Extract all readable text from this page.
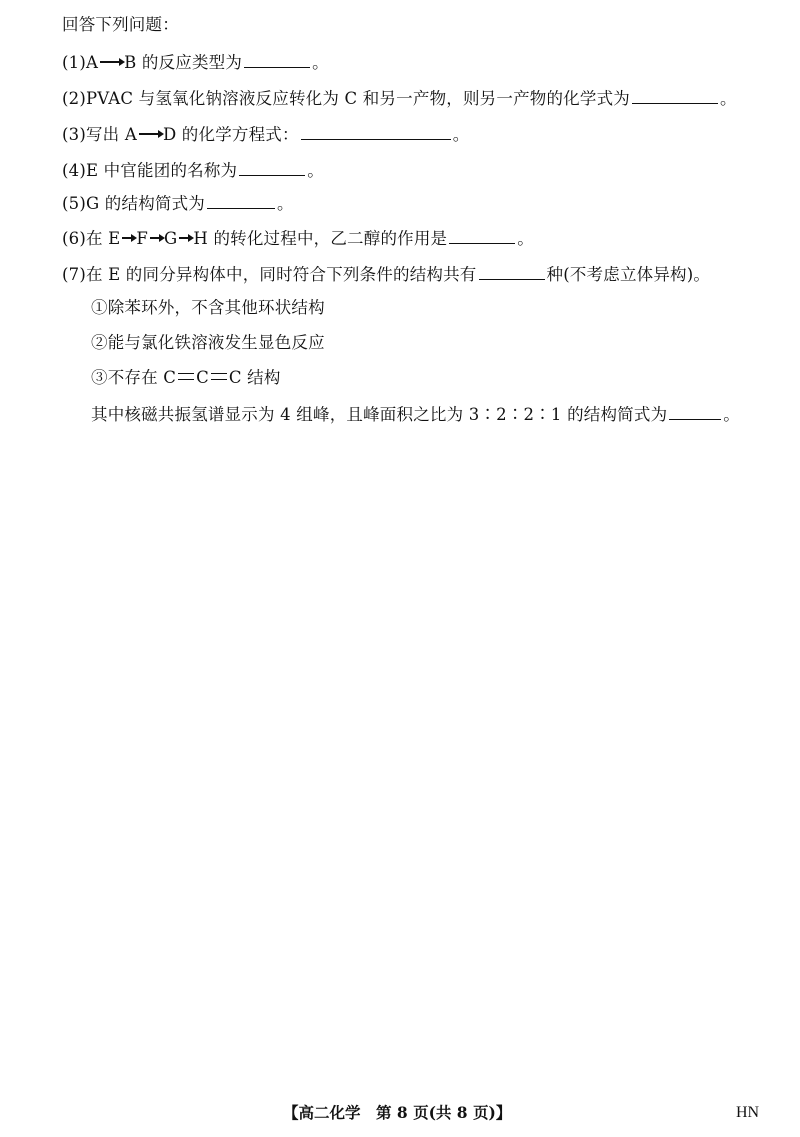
回答下列问题：
(1)A → B 的反应类型为	。
(2)PVAC 与氢氧化钠溶液反应转化为 C 和另一产物，则另一产物的化学式为	。
(3)写出 A → D 的化学方程式：	。
(4)E 中官能团的名称为	。
(5)G 的结构简式为	。
(6)在 E F G H 的转化过程中，乙二醇的作用是	。
(7)在 E 的同分异构体中，同时符合下列条件的结构共有	种(不考虑立体异构)。
①除苯环外，不含其他环状结构
②能与氯化铁溶液发生显色反应
③不存在 C C C 结构
其中核磁共振氢谱显示为 4 组峰，且峰面积之比为 3∶2∶2∶1 的结构简式为	。
【高二化学　第 8 页(共 8 页)】	HN
